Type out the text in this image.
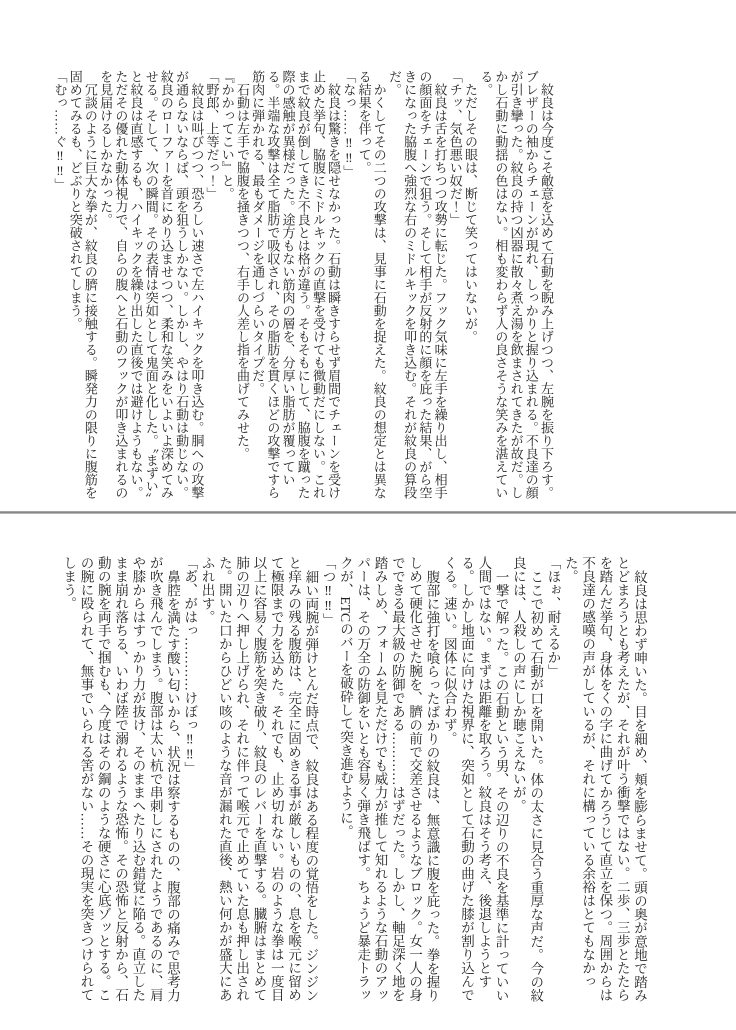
紋良は今度こそ敵意を込めて石動を睨み上げつつ、左腕を振り下ろす。ブレザーの袖からチェーンが現れ、しっかりと握り込まれる。不良達の顔が引き攣った。紋良の持つ凶器に散々煮え湯を飲まされてきたが故だ。しかし石動に動揺の色はない。相も変わらず人の良さそうな笑みを湛えている。

ただしその眼は、断じて笑ってはいないが。

「チッ、気色悪い奴だ！」

紋良は舌を打ちつつ攻勢に転じた。フック気味に左手を繰り出し、相手の顔面をチェーンで狙う。そして相手が反射的に顔を庇った結果、がら空きになった脇腹へ強烈な右のミドルキックを叩き込む。それが紋良の算段だ。

かくしてその二つの攻撃は、見事に石動を捉えた。紋良の想定とは異なる結果を伴って。

「なっ……‼‼」

紋良は驚きを隠せなかった。石動は瞬きすらせず眉間でチェーンを受け止めた挙句、脇腹にミドルキックの直撃を受けても微動だにしない。これまで紋良が倒してきた不良とは格が違う。そもそもにして、脇腹を蹴った際の感触が異様だった。途方もない筋肉の層を、分厚い脂肪が覆っている。半端な攻撃は全て脂肪で吸収され、その脂肪を貫くほどの攻撃ですら筋肉に弾かれる、最もダメージを通しづらいタイプだ。

石動は左手で脇腹を掻きつつ、右手の人差し指を曲げてみせた。

『かかってこい』と。

「野郎、上等だっ！」

紋良は叫びつつ、恐ろしい速さで左ハイキックを叩き込む。胴への攻撃が通らないならば、頭を狙うしかない。しかし、やはり石動は動じない。紋良のローファーを首にめり込ませつつ、柔和な笑みをいよいよ深めてみせる。そして、次の瞬間。その表情は突如として鬼面と化した。〝まずい〟と紋良は直感するも、ハイキックを繰り出した直後では避けようもない。ただその優れた動体視力で、自らの腹へと石動のフックが叩き込まれるのを見届けるしかなかった。

冗談のように巨大な拳が、紋良の臍に接触する。瞬発力の限りに腹筋を固めてみるも、どぶりと突破されてしまう。

「むっ……ぐ‼‼」

紋良は思わず呻いた。目を細め、頬を膨らませて。頭の奥が意地で踏みとどまろうとも考えたが、それが叶う衝撃ではない。二歩、三歩とたたらを踏んだ挙句、身体をくの字に曲げてかろうじて直立を保つ。周囲からは不良達の感嘆の声がしているが、それに構っている余裕はとてもなかった。

「ほぉ、耐えるか」

ここで初めて石動が口を開いた。体の太さに見合う重厚な声だ。今の紋良には、人殺しの声にしか聴こえないが。

一撃で解った。この石動という男、その辺りの不良を基準に計っていい人間ではない。まずは距離を取ろう。紋良はそう考え、後退しようとする。しかし地面に向けた視界に、突如として石動の曲げた膝が割り込んでくる。速い。図体に似合わず。

腹部に強打を喰らったばかりの紋良は、無意識に腹を庇った。拳を握りしめて硬化させた腕を、臍の前で交差させるようなブロック。女一人の身でできる最大級の防御である…………はずだった。しかし、軸足深く地を踏みしめ、フォームを見ただけでも威力が推して知れるような石動のアッパーは、その万全の防御をいとも容易く弾き飛ばす。ちょうど暴走トラックが、ETCのバーを破砕して突き進むように。

「つ‼‼」

細い両腕が弾けとんだ時点で、紋良はある程度の覚悟をした。ジンジンと痒みの残る腹筋は、完全に固めきる事が厳しいものの、息を喉元に留めて極限まで力を込めた。それでも、止め切れない。岩のような拳は一度目以上に容易く腹筋を突き破り、紋良のレバーを直撃する。臓腑はまとめて肺の辺りへ押し上げられ、それに伴って喉元で止めていた息も押し出された。開いた口からひどい咳のような音が漏れた直後、熱い何かが盛大にあふれ出す。

「あ゙、がはっ…………けぼっ‼‼」

鼻腔を満たす酸い匂いから、状況は察するものの、腹部の痛みで思考力が吹き飛んでしまう。腹部は太い杭で串刺しにされたようであるのに、肩や膝からはすっかり力が抜け、そのままへたり込む錯覚に陥る。直立したまま崩れ落ちる、いわば陸で溺れるような恐怖。その恐怖と反射から、石動の腕を両手で掴むも、今度はその鋼のような硬さに心底ゾッとする。この腕に殴られて、無事でいられる筈がない……その現実を突きつけられてしまう。
